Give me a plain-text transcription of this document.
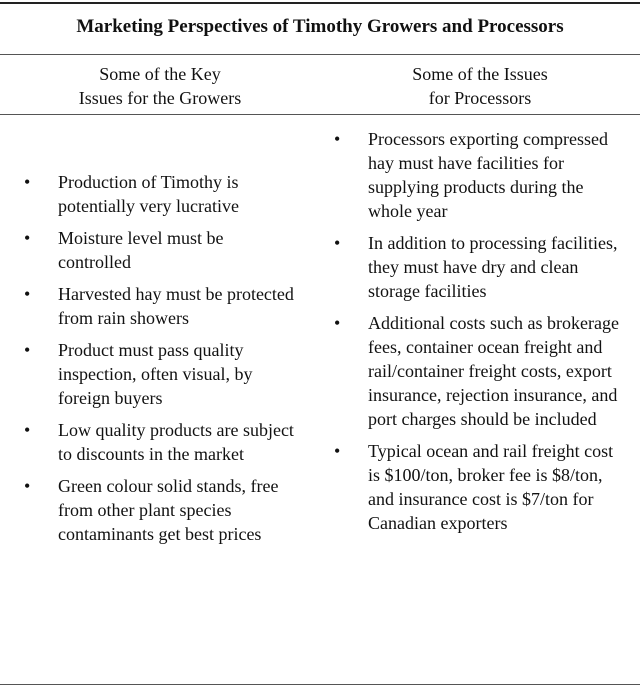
Marketing Perspectives of Timothy Growers and Processors
Some of the Key
Issues for the Growers
Some of the Issues
for Processors
• Production of Timothy is potentially very lucrative
• Moisture level must be controlled
• Harvested hay must be protected from rain showers
• Product must pass quality inspection, often visual, by foreign buyers
• Low quality products are subject to discounts in the market
• Green colour solid stands, free from other plant species contaminants get best prices
• Processors exporting compressed hay must have facilities for supplying products during the whole year
• In addition to processing facilities, they must have dry and clean storage facilities
• Additional costs such as brokerage fees, container ocean freight and rail/container freight costs, export insurance, rejection insurance, and port charges should be included
• Typical ocean and rail freight cost is $100/ton, broker fee is $8/ton, and insurance cost is $7/ton for Canadian exporters
